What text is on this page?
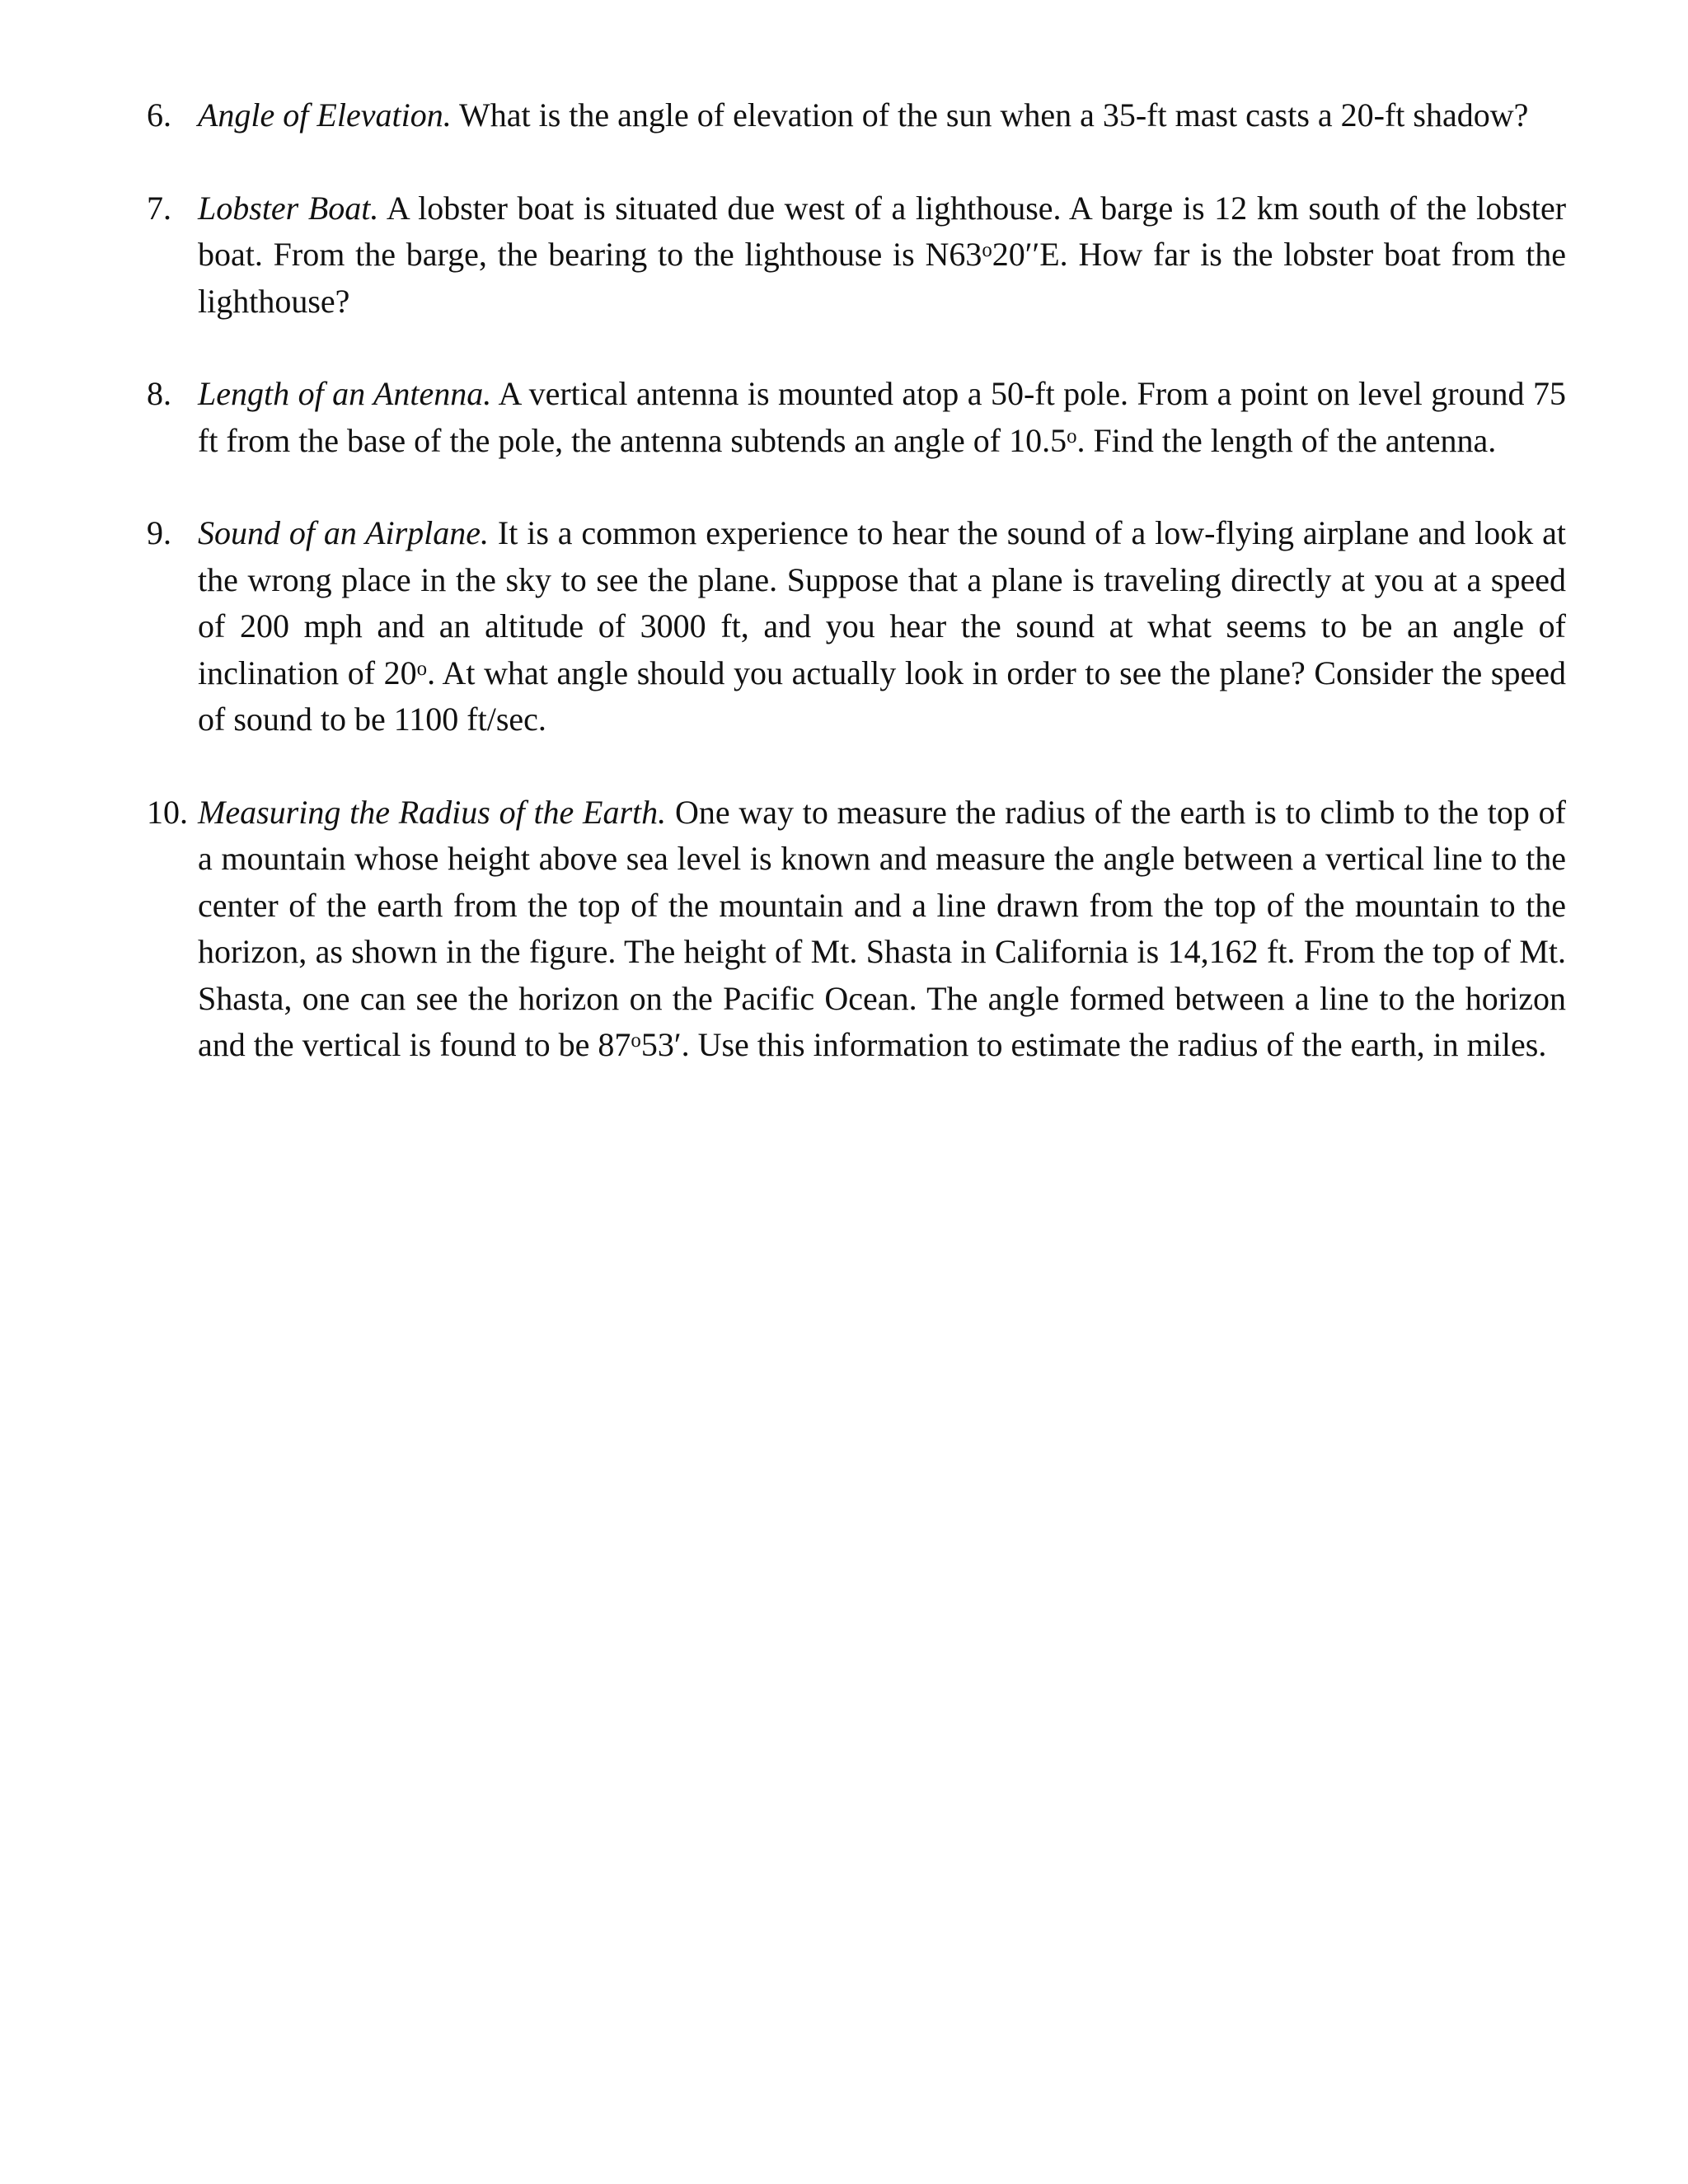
6. Angle of Elevation. What is the angle of elevation of the sun when a 35-ft mast casts a 20-ft shadow?
7. Lobster Boat. A lobster boat is situated due west of a lighthouse. A barge is 12 km south of the lobster boat. From the barge, the bearing to the lighthouse is N63$^o$20′′E. How far is the lobster boat from the lighthouse?
8. Length of an Antenna. A vertical antenna is mounted atop a 50-ft pole. From a point on level ground 75 ft from the base of the pole, the antenna subtends an angle of 10.5$^o$. Find the length of the antenna.
9. Sound of an Airplane. It is a common experience to hear the sound of a low-flying airplane and look at the wrong place in the sky to see the plane. Suppose that a plane is traveling directly at you at a speed of 200 mph and an altitude of 3000 ft, and you hear the sound at what seems to be an angle of inclination of 20$^o$. At what angle should you actually look in order to see the plane? Consider the speed of sound to be 1100 ft/sec.
10. Measuring the Radius of the Earth. One way to measure the radius of the earth is to climb to the top of a mountain whose height above sea level is known and measure the angle between a vertical line to the center of the earth from the top of the mountain and a line drawn from the top of the mountain to the horizon, as shown in the figure. The height of Mt. Shasta in California is 14,162 ft. From the top of Mt. Shasta, one can see the horizon on the Pacific Ocean. The angle formed between a line to the horizon and the vertical is found to be 87$^o$53′. Use this information to estimate the radius of the earth, in miles.
